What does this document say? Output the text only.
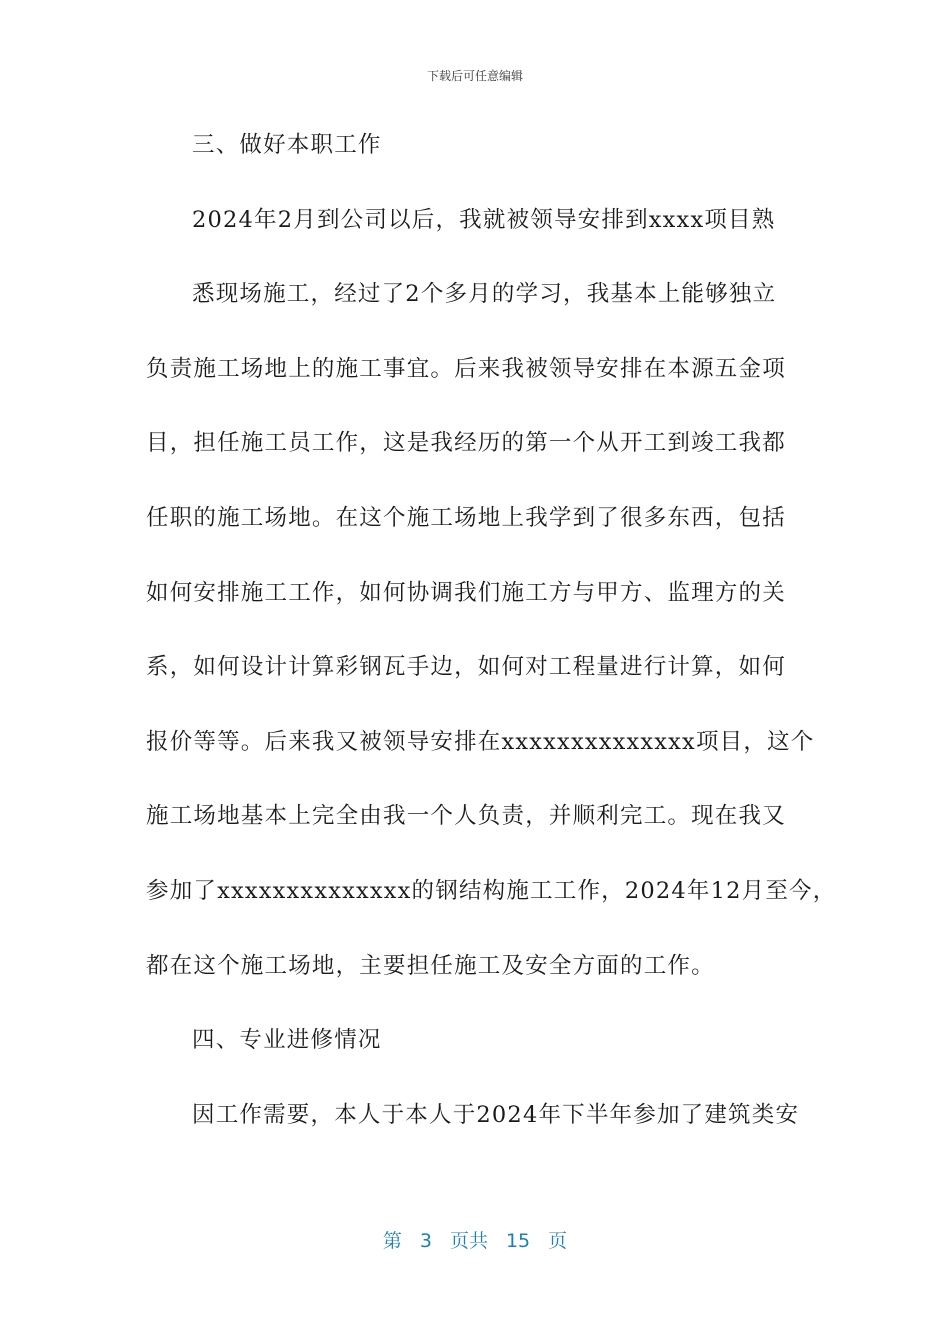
下载后可任意编辑
三、做好本职工作
2024年2月到公司以后，我就被领导安排到xxxx项目熟
悉现场施工，经过了2个多月的学习，我基本上能够独立
负责施工场地上的施工事宜。后来我被领导安排在本源五金项
目，担任施工员工作，这是我经历的第一个从开工到竣工我都
任职的施工场地。在这个施工场地上我学到了很多东西，包括
如何安排施工工作，如何协调我们施工方与甲方、监理方的关
系，如何设计计算彩钢瓦手边，如何对工程量进行计算，如何
报价等等。后来我又被领导安排在xxxxxxxxxxxxxx项目，这个
施工场地基本上完全由我一个人负责，并顺利完工。现在我又
参加了xxxxxxxxxxxxxx的钢结构施工工作，2024年12月至今，
都在这个施工场地，主要担任施工及安全方面的工作。
四、专业进修情况
因工作需要，本人于本人于2024年下半年参加了建筑类安
第 3 页共 15 页
